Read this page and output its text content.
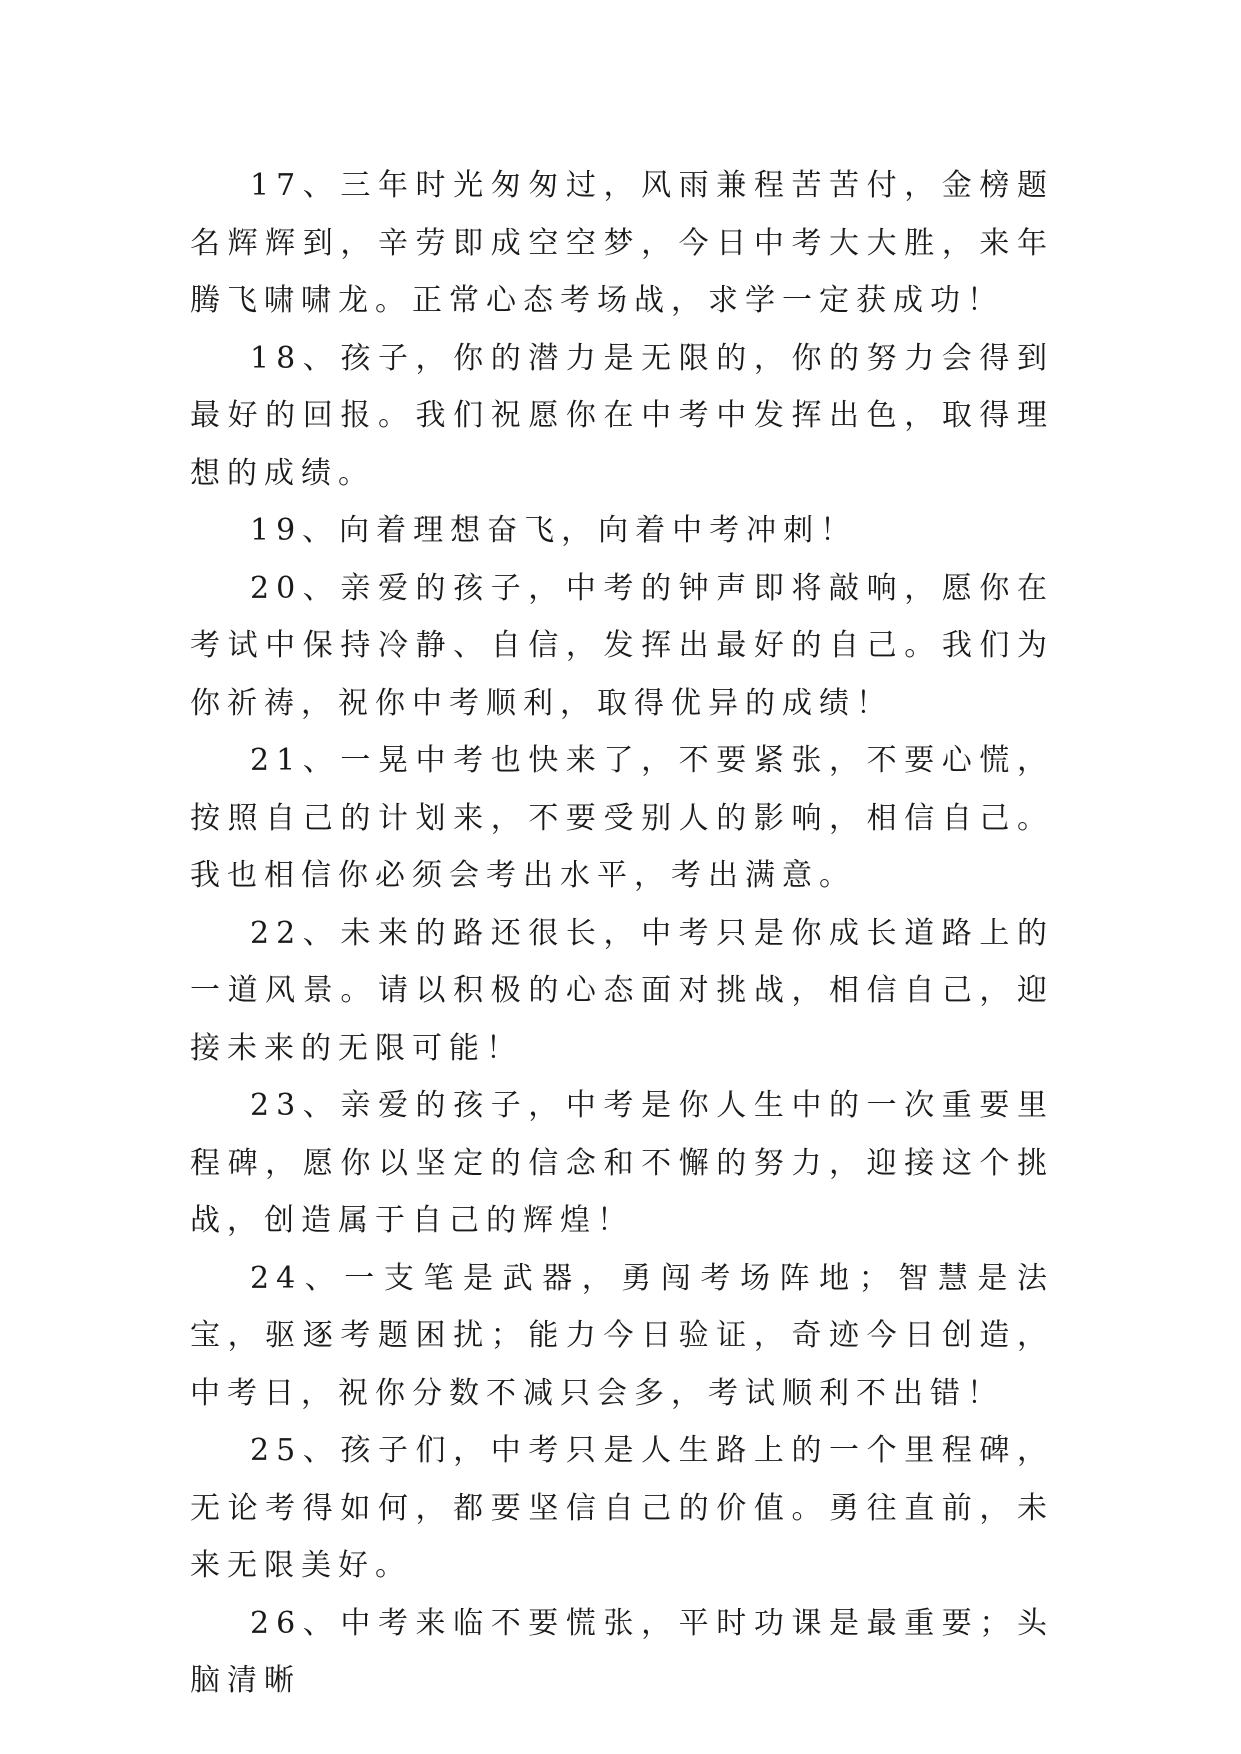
17、三年时光匆匆过，风雨兼程苦苦付，金榜题名辉辉到，辛劳即成空空梦，今日中考大大胜，来年腾飞啸啸龙。正常心态考场战，求学一定获成功！

18、孩子，你的潜力是无限的，你的努力会得到最好的回报。我们祝愿你在中考中发挥出色，取得理想的成绩。

19、向着理想奋飞，向着中考冲刺！

20、亲爱的孩子，中考的钟声即将敲响，愿你在考试中保持冷静、自信，发挥出最好的自己。我们为你祈祷，祝你中考顺利，取得优异的成绩！

21、一晃中考也快来了，不要紧张，不要心慌，按照自己的计划来，不要受别人的影响，相信自己。我也相信你必须会考出水平，考出满意。

22、未来的路还很长，中考只是你成长道路上的一道风景。请以积极的心态面对挑战，相信自己，迎接未来的无限可能！

23、亲爱的孩子，中考是你人生中的一次重要里程碑，愿你以坚定的信念和不懈的努力，迎接这个挑战，创造属于自己的辉煌！

24、一支笔是武器，勇闯考场阵地；智慧是法宝，驱逐考题困扰；能力今日验证，奇迹今日创造，中考日，祝你分数不减只会多，考试顺利不出错！

25、孩子们，中考只是人生路上的一个里程碑，无论考得如何，都要坚信自己的价值。勇往直前，未来无限美好。

26、中考来临不要慌张，平时功课是最重要；头脑清晰
